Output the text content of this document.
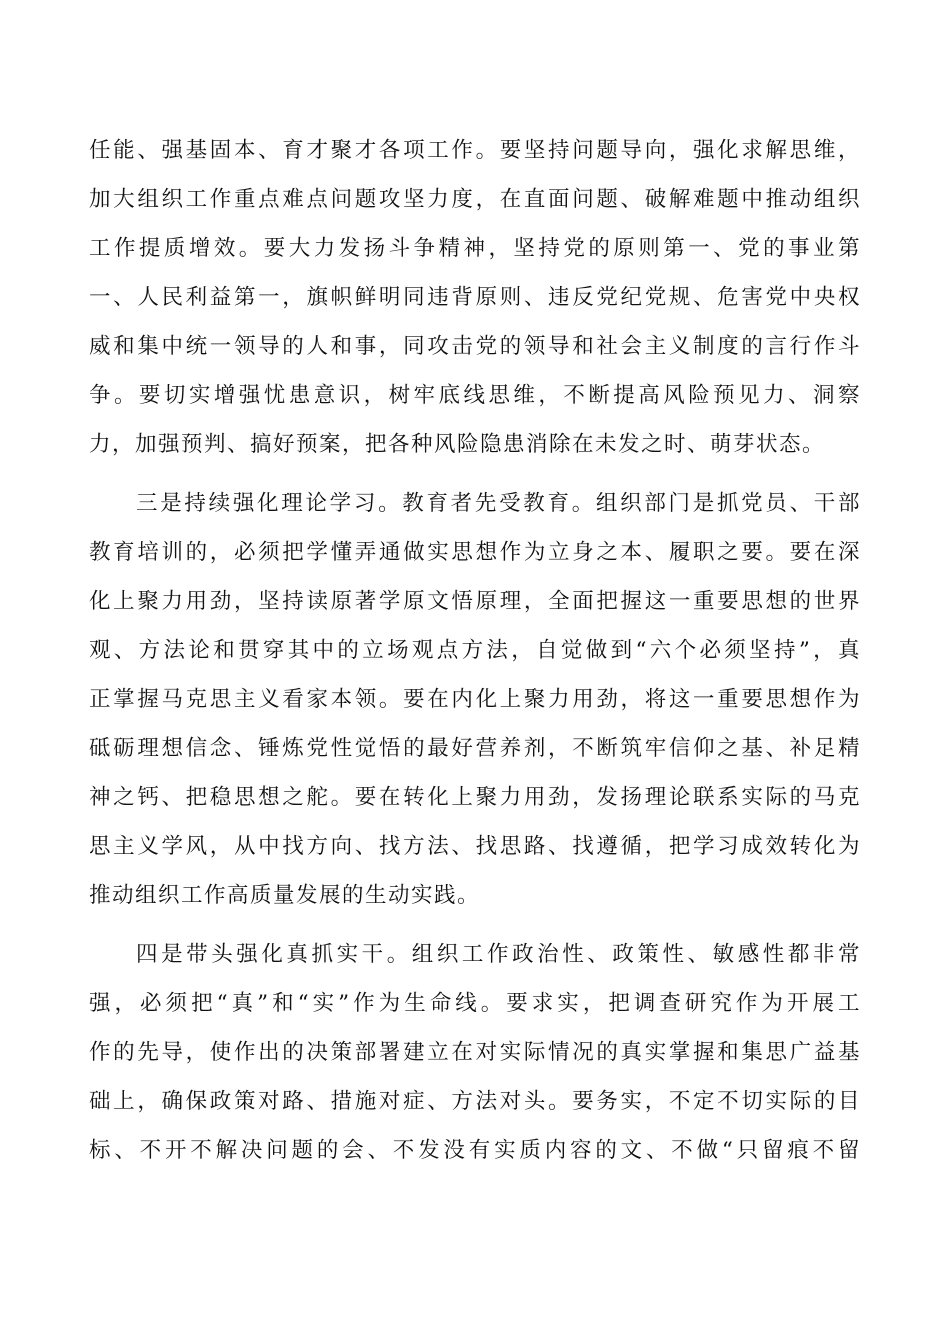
任能、强基固本、育才聚才各项工作。要坚持问题导向，强化求解思维，
加大组织工作重点难点问题攻坚力度，在直面问题、破解难题中推动组织
工作提质增效。要大力发扬斗争精神，坚持党的原则第一、党的事业第
一、人民利益第一，旗帜鲜明同违背原则、违反党纪党规、危害党中央权
威和集中统一领导的人和事，同攻击党的领导和社会主义制度的言行作斗
争。要切实增强忧患意识，树牢底线思维，不断提高风险预见力、洞察
力，加强预判、搞好预案，把各种风险隐患消除在未发之时、萌芽状态。
三是持续强化理论学习。教育者先受教育。组织部门是抓党员、干部
教育培训的，必须把学懂弄通做实思想作为立身之本、履职之要。要在深
化上聚力用劲，坚持读原著学原文悟原理，全面把握这一重要思想的世界
观、方法论和贯穿其中的立场观点方法，自觉做到“六个必须坚持”，真
正掌握马克思主义看家本领。要在内化上聚力用劲，将这一重要思想作为
砥砺理想信念、锤炼党性觉悟的最好营养剂，不断筑牢信仰之基、补足精
神之钙、把稳思想之舵。要在转化上聚力用劲，发扬理论联系实际的马克
思主义学风，从中找方向、找方法、找思路、找遵循，把学习成效转化为
推动组织工作高质量发展的生动实践。
四是带头强化真抓实干。组织工作政治性、政策性、敏感性都非常
强，必须把“真”和“实”作为生命线。要求实，把调查研究作为开展工
作的先导，使作出的决策部署建立在对实际情况的真实掌握和集思广益基
础上，确保政策对路、措施对症、方法对头。要务实，不定不切实际的目
标、不开不解决问题的会、不发没有实质内容的文、不做“只留痕不留
